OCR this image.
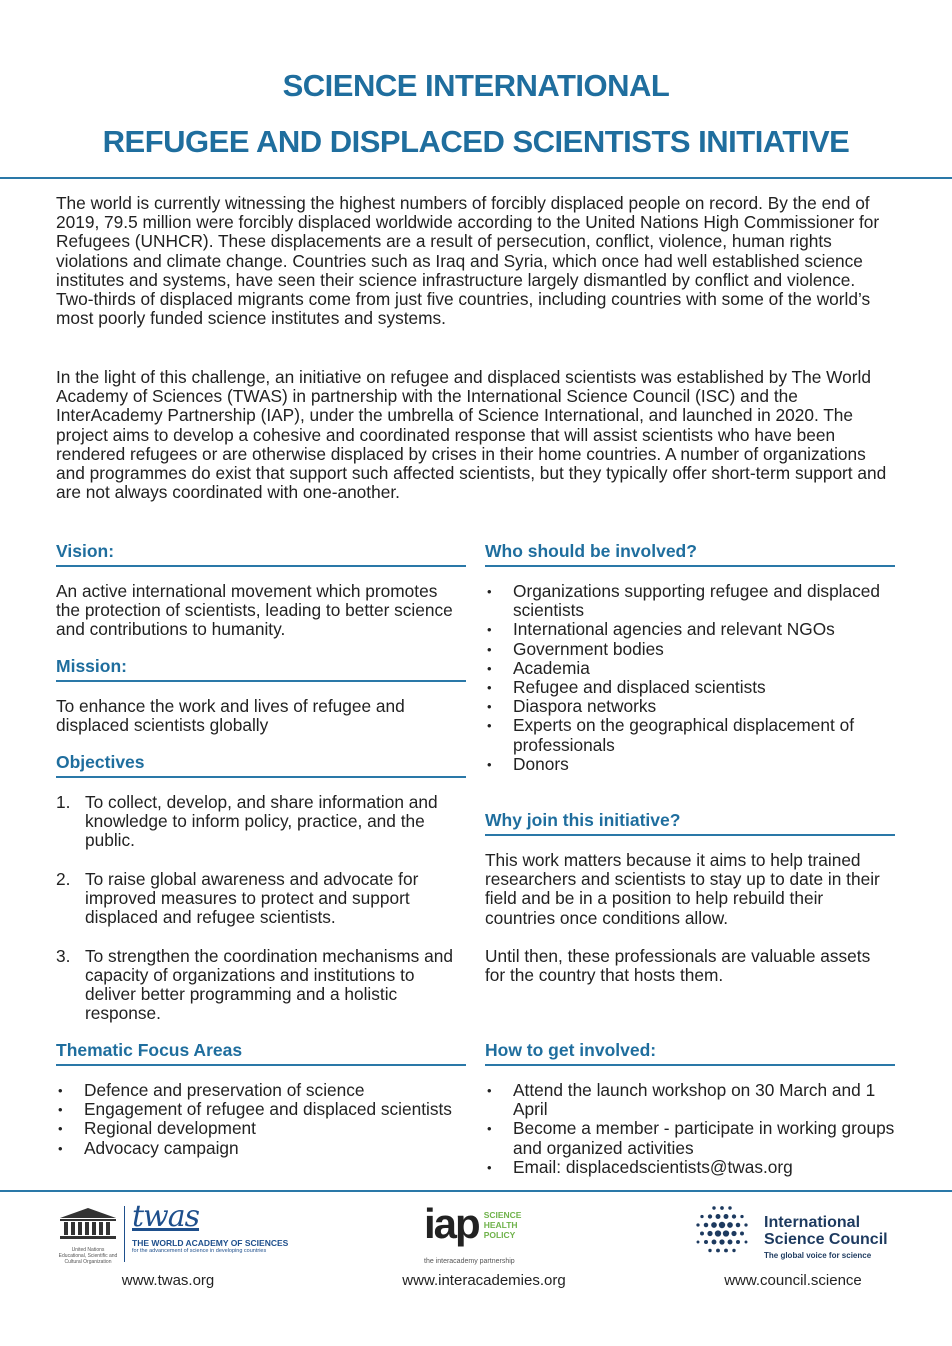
SCIENCE INTERNATIONAL
REFUGEE AND DISPLACED SCIENTISTS INITIATIVE

The world is currently witnessing the highest numbers of forcibly displaced people on record. By the end of 2019, 79.5 million were forcibly displaced worldwide according to the United Nations High Commissioner for Refugees (UNHCR). These displacements are a result of persecution, conflict, violence, human rights violations and climate change. Countries such as Iraq and Syria, which once had well established science institutes and systems, have seen their science infrastructure largely dismantled by conflict and violence. Two-thirds of displaced migrants come from just five countries, including countries with some of the world’s most poorly funded science institutes and systems.

In the light of this challenge, an initiative on refugee and displaced scientists was established by The World Academy of Sciences (TWAS) in partnership with the International Science Council (ISC) and the InterAcademy Partnership (IAP), under the umbrella of Science International, and launched in 2020. The project aims to develop a cohesive and coordinated response that will assist scientists who have been rendered refugees or are otherwise displaced by crises in their home countries. A number of organizations and programmes do exist that support such affected scientists, but they typically offer short-term support and are not always coordinated with one-another.

Vision:

An active international movement which promotes the protection of scientists, leading to better science and contributions to humanity.

Mission:

To enhance the work and lives of refugee and displaced scientists globally

Objectives
1. To collect, develop, and share information and knowledge to inform policy, practice, and the public.
2. To raise global awareness and advocate for improved measures to protect and support displaced and refugee scientists.
3. To strengthen the coordination mechanisms and capacity of organizations and institutions to deliver better programming and a holistic response.
Thematic Focus Areas
• Defence and preservation of science
• Engagement of refugee and displaced scientists
• Regional development
• Advocacy campaign
Who should be involved?
• Organizations supporting refugee and displaced scientists
• International agencies and relevant NGOs
• Government bodies
• Academia
• Refugee and displaced scientists
• Diaspora networks
• Experts on the geographical displacement of professionals
• Donors
Why join this initiative?

This work matters because it aims to help trained researchers and scientists to stay up to date in their field and be in a position to help rebuild their countries once conditions allow.

Until then, these professionals are valuable assets for the country that hosts them.

How to get involved:
• Attend the launch workshop on 30 March and 1 April
• Become a member - participate in working groups and organized activities
• Email: displacedscientists@twas.org
United Nations
Educational, Scientific and
Cultural Organization
twas
THE WORLD ACADEMY OF SCIENCES
for the advancement of science in developing countries
www.twas.org
iap SCIENCE
HEALTH
POLICY
the interacademy partnership
www.interacademies.org
International
Science Council
The global voice for science
www.council.science
